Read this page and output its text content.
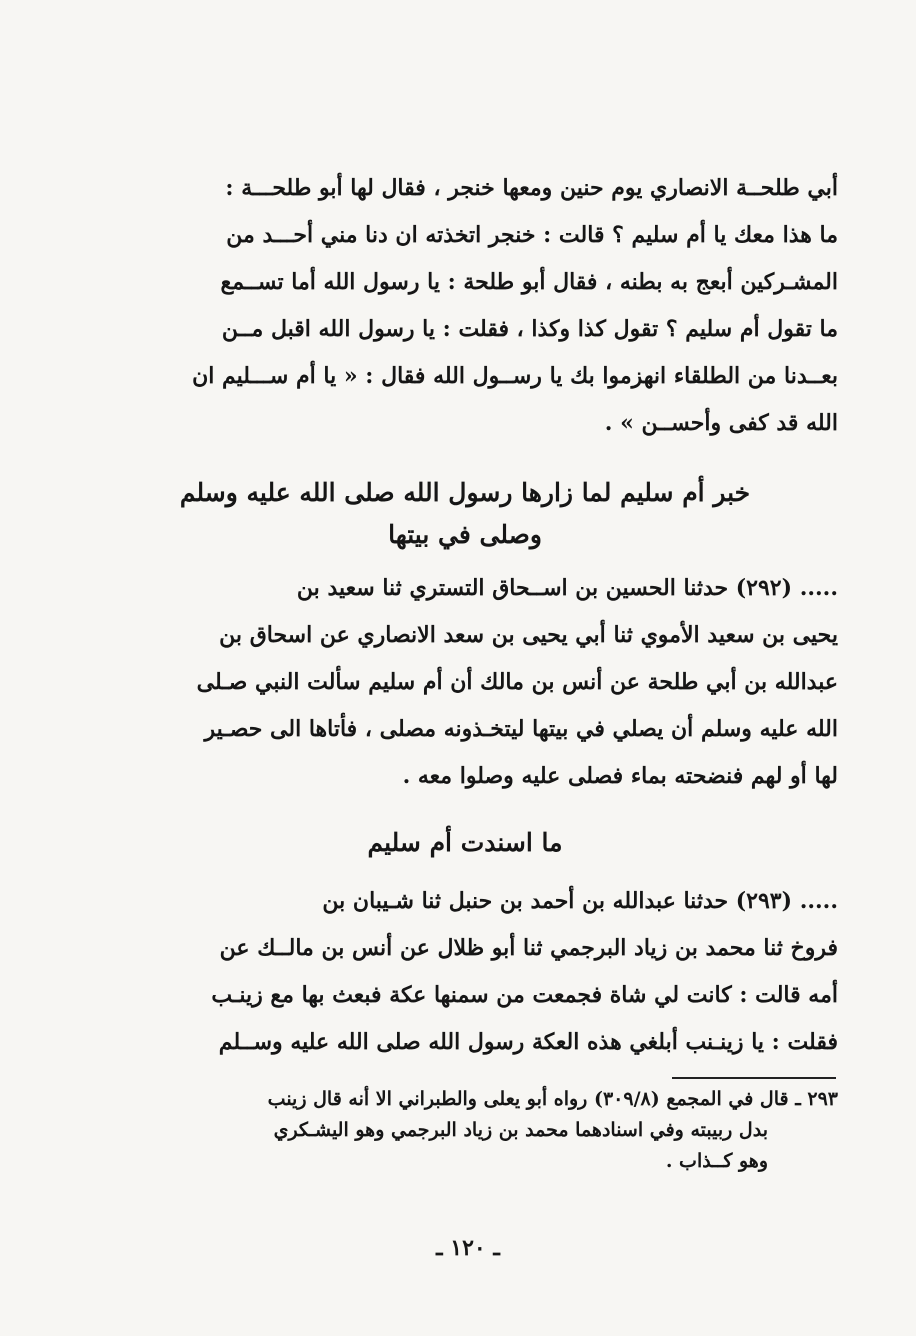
أبي طلحــة الانصاري يوم حنين ومعها خنجر ، فقال لها أبو طلحـــة :
ما هذا معك يا أم سليم ؟ قالت : خنجر اتخذته ان دنا مني أحـــد من
المشـركين أبعج به بطنه ، فقال أبو طلحة : يا رسول الله أما تســمع
ما تقول أم سليم ؟ تقول كذا وكذا ، فقلت : يا رسول الله اقبل مــن
بعــدنا من الطلقاء انهزموا بك يا رســول الله فقال : « يا أم ســـليم ان
الله قد كفى وأحســن » .
خبر أم سليم لما زارها رسول الله صلى الله عليه وسلم
وصلى في بيتها
..... (٢٩٢) حدثنا الحسين بن اســحاق التستري ثنا سعيد بن
يحيى بن سعيد الأموي ثنا أبي يحيى بن سعد الانصاري عن اسحاق بن
عبدالله بن أبي طلحة عن أنس بن مالك أن أم سليم سألت النبي صـلى
الله عليه وسلم أن يصلي في بيتها ليتخـذونه مصلى ، فأتاها الى حصـير
لها أو لهم فنضحته بماء فصلى عليه وصلوا معه .
ما اسندت أم سليم
..... (٢٩٣) حدثنا عبدالله بن أحمد بن حنبل ثنا شـيبان بن
فروخ ثنا محمد بن زياد البرجمي ثنا أبو ظلال عن أنس بن مالــك عن
أمه قالت : كانت لي شاة فجمعت من سمنها عكة فبعث بها مع زينـب
فقلت : يا زينـنب أبلغي هذه العكة رسول الله صلى الله عليه وســلم
٢٩٣ ـ قال في المجمع (٣٠٩/٨) رواه أبو يعلى والطبراني الا أنه قال زينب
بدل ربيبته وفي اسنادهما محمد بن زياد البرجمي وهو اليشـكري
وهو كــذاب .
ـ ١٢٠ ـ
